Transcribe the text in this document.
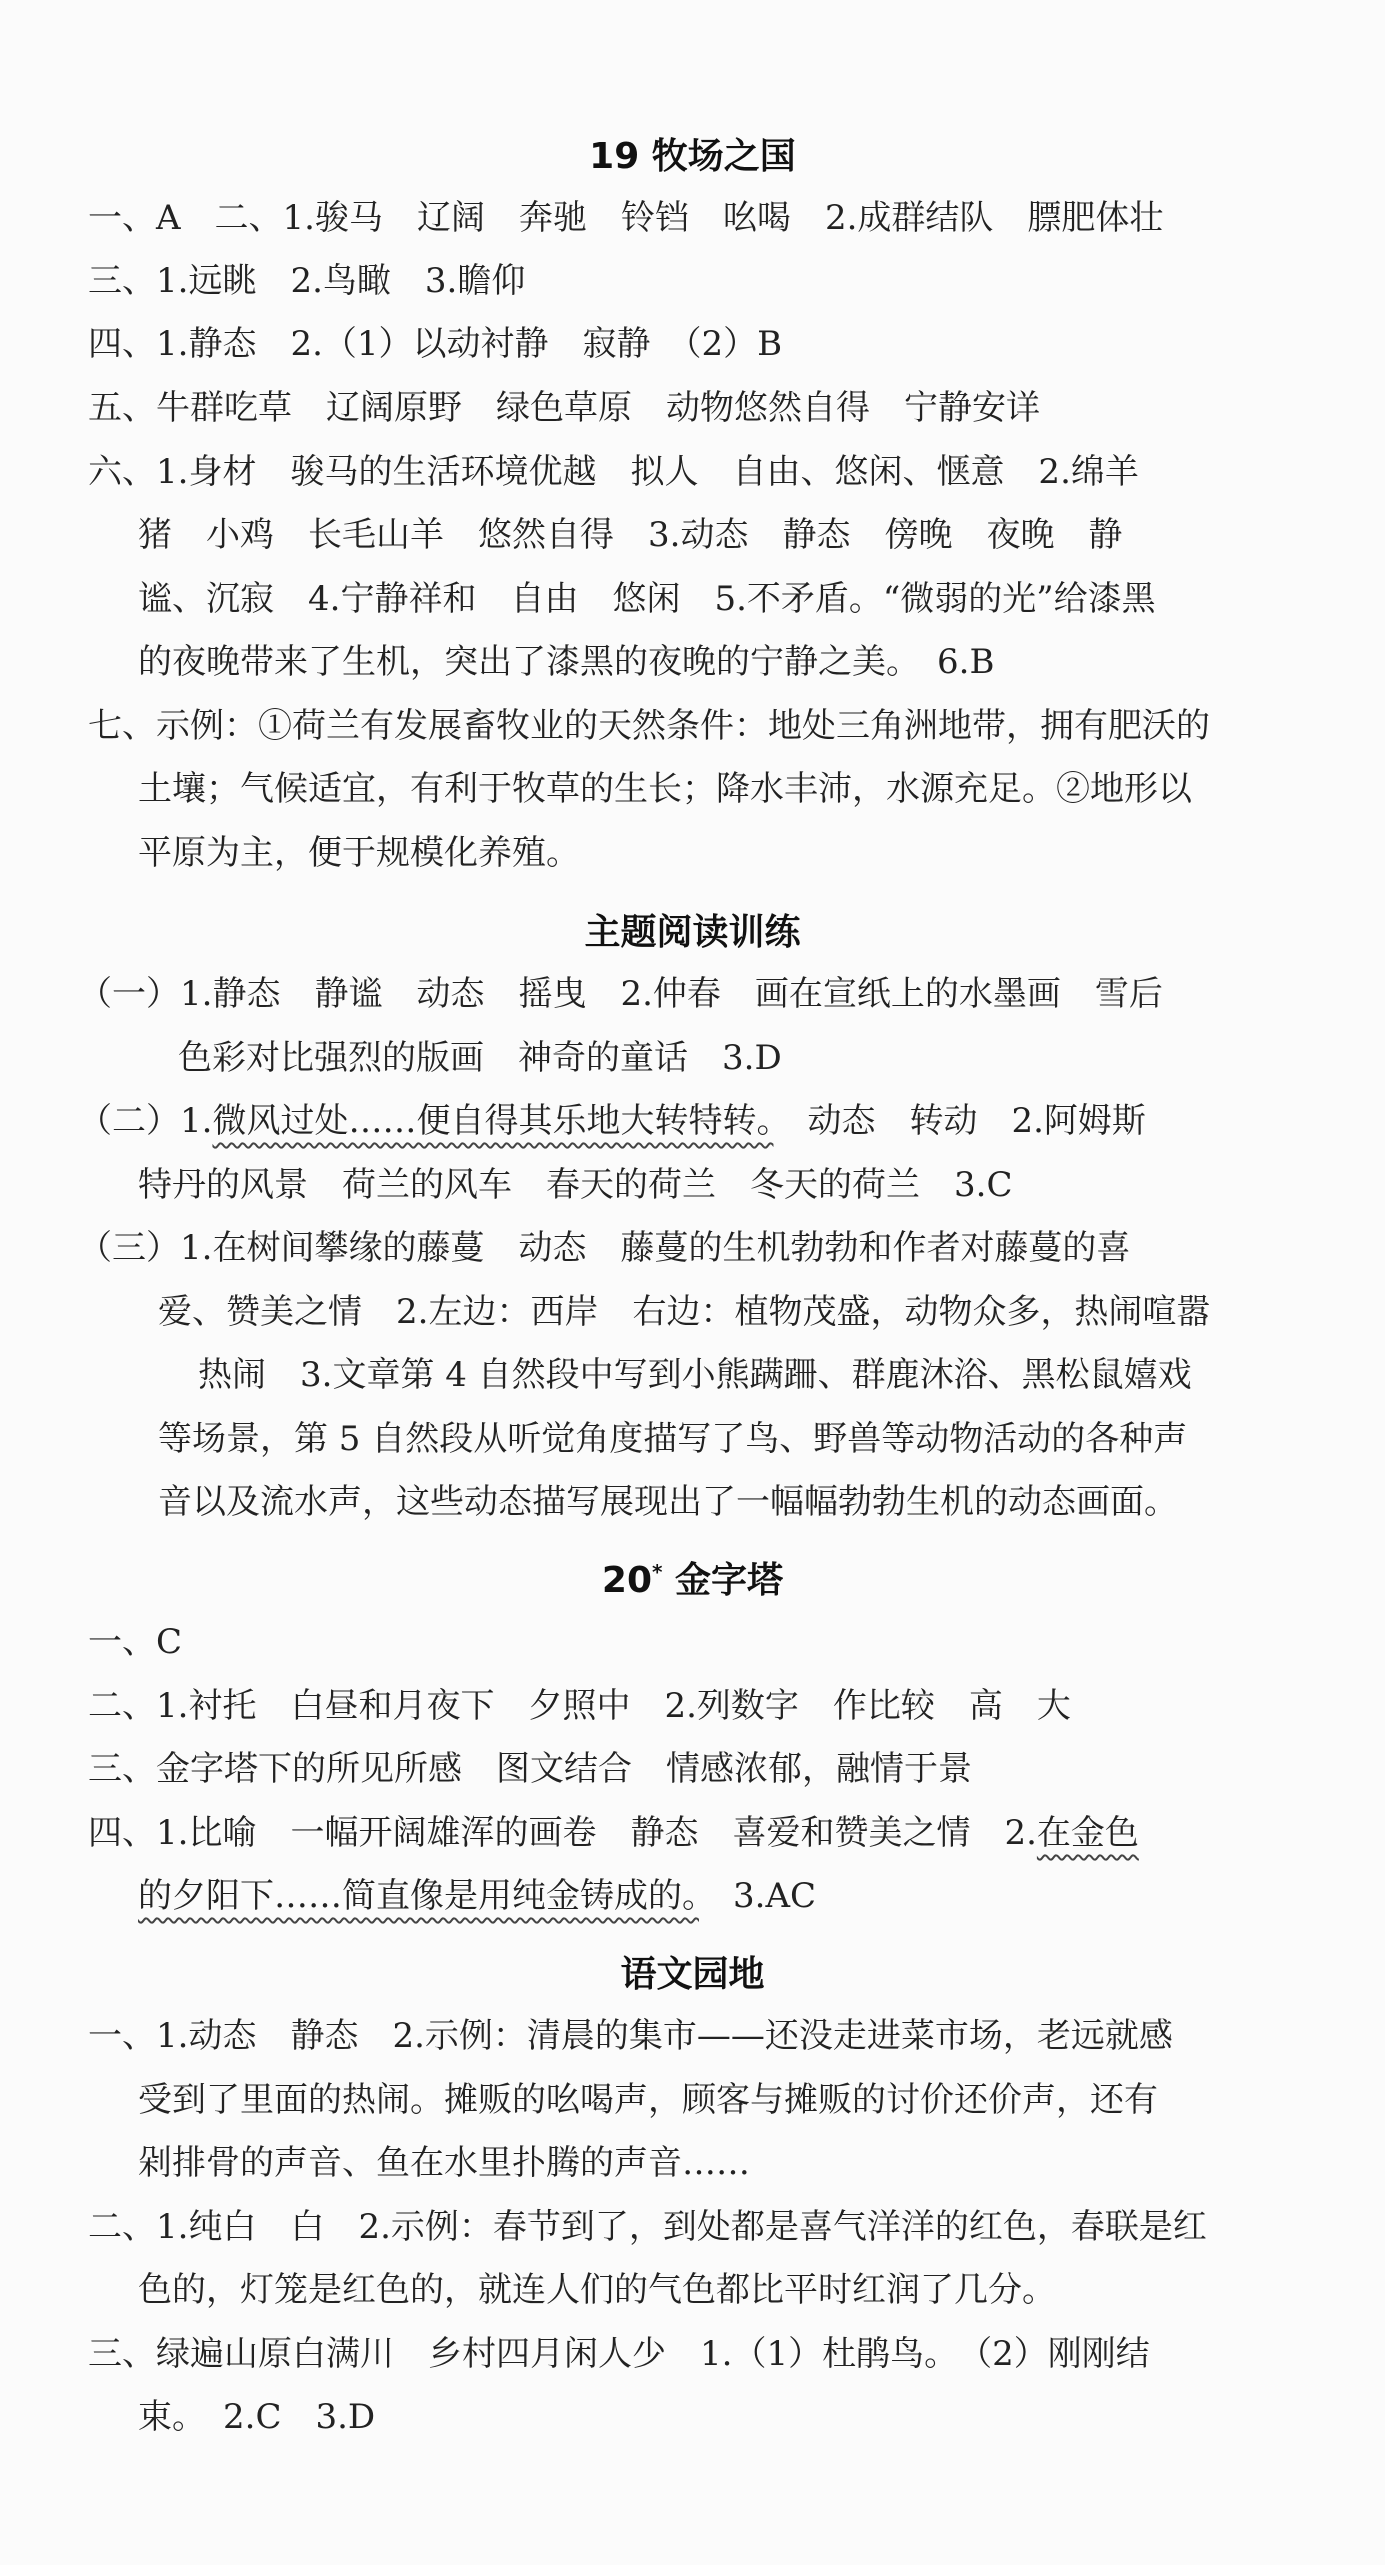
19 牧场之国
一、A　二、1.骏马　辽阔　奔驰　铃铛　吆喝　2.成群结队　膘肥体壮
三、1.远眺　2.鸟瞰　3.瞻仰
四、1.静态　2.（1）以动衬静　寂静　（2）B
五、牛群吃草　辽阔原野　绿色草原　动物悠然自得　宁静安详
六、1.身材　骏马的生活环境优越　拟人　自由、悠闲、惬意　2.绵羊
猪　小鸡　长毛山羊　悠然自得　3.动态　静态　傍晚　夜晚　静
谧、沉寂　4.宁静祥和　自由　悠闲　5.不矛盾。“微弱的光”给漆黑
的夜晚带来了生机，突出了漆黑的夜晚的宁静之美。　6.B
七、示例：①荷兰有发展畜牧业的天然条件：地处三角洲地带，拥有肥沃的
土壤；气候适宜，有利于牧草的生长；降水丰沛，水源充足。②地形以
平原为主，便于规模化养殖。
主题阅读训练
（一）1.静态　静谧　动态　摇曳　2.仲春　画在宣纸上的水墨画　雪后
色彩对比强烈的版画　神奇的童话　3.D
（二）1.微风过处……便自得其乐地大转特转。　动态　转动　2.阿姆斯
特丹的风景　荷兰的风车　春天的荷兰　冬天的荷兰　3.C
（三）1.在树间攀缘的藤蔓　动态　藤蔓的生机勃勃和作者对藤蔓的喜
爱、赞美之情　2.左边：西岸　右边：植物茂盛，动物众多，热闹喧嚣
热闹　3.文章第 4 自然段中写到小熊蹒跚、群鹿沐浴、黑松鼠嬉戏
等场景，第 5 自然段从听觉角度描写了鸟、野兽等动物活动的各种声
音以及流水声，这些动态描写展现出了一幅幅勃勃生机的动态画面。
20* 金字塔
一、C
二、1.衬托　白昼和月夜下　夕照中　2.列数字　作比较　高　大
三、金字塔下的所见所感　图文结合　情感浓郁，融情于景
四、1.比喻　一幅开阔雄浑的画卷　静态　喜爱和赞美之情　2.在金色
的夕阳下……简直像是用纯金铸成的。　3.AC
语文园地
一、1.动态　静态　2.示例：清晨的集市——还没走进菜市场，老远就感
受到了里面的热闹。摊贩的吆喝声，顾客与摊贩的讨价还价声，还有
剁排骨的声音、鱼在水里扑腾的声音……
二、1.纯白　白　2.示例：春节到了，到处都是喜气洋洋的红色，春联是红
色的，灯笼是红色的，就连人们的气色都比平时红润了几分。
三、绿遍山原白满川　乡村四月闲人少　1.（1）杜鹃鸟。　（2）刚刚结
束。　2.C　3.D
